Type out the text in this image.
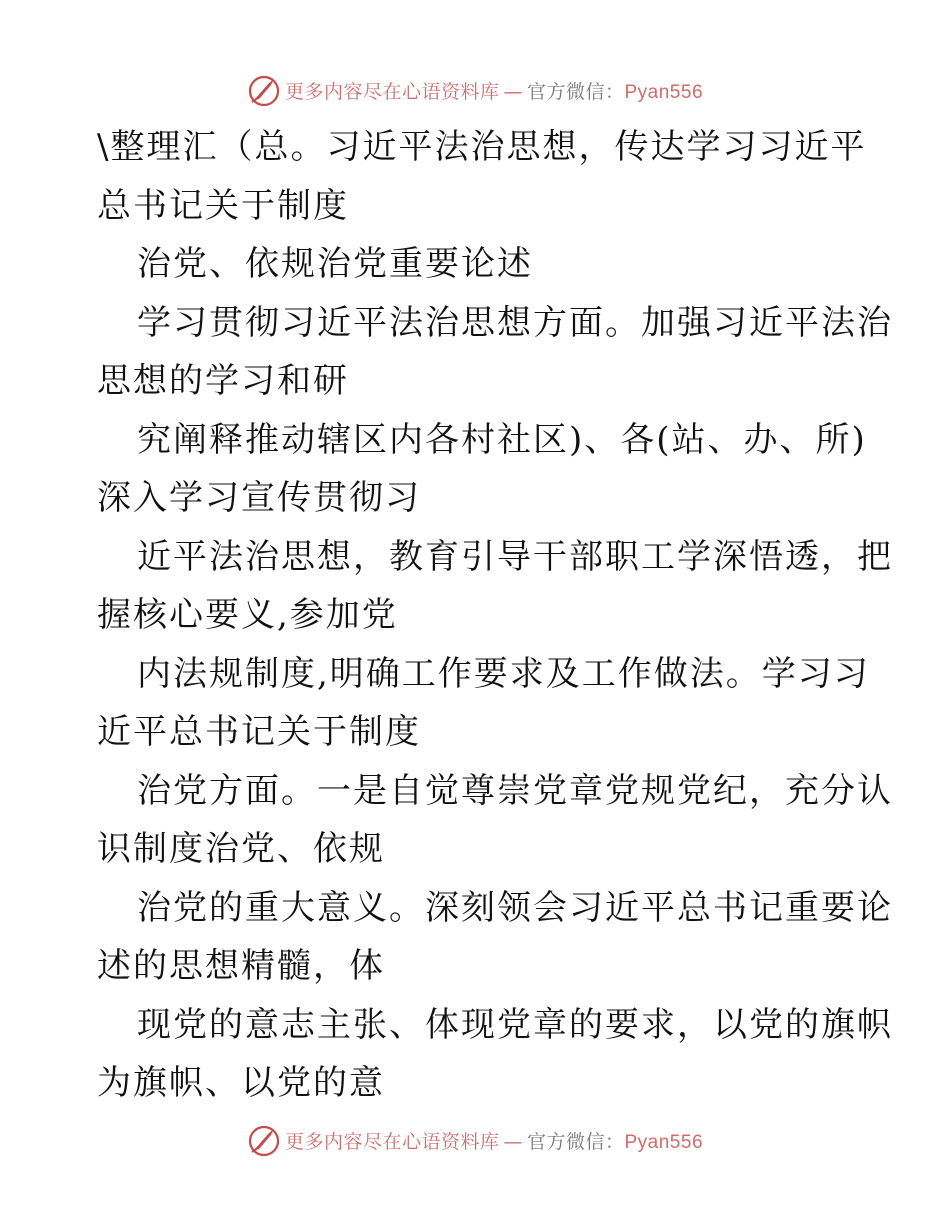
更多内容尽在心语资料库 — 官方微信：Pyan556

\整理汇（总。习近平法治思想，传达学习习近平

总书记关于制度

治党、依规治党重要论述

学习贯彻习近平法治思想方面。加强习近平法治

思想的学习和研

究阐释推动辖区内各村社区)、各(站、办、所)

深入学习宣传贯彻习

近平法治思想，教育引导干部职工学深悟透，把

握核心要义,参加党

内法规制度,明确工作要求及工作做法。学习习

近平总书记关于制度

治党方面。一是自觉尊崇党章党规党纪，充分认

识制度治党、依规

治党的重大意义。深刻领会习近平总书记重要论

述的思想精髓，体

现党的意志主张、体现党章的要求，以党的旗帜

为旗帜、以党的意

更多内容尽在心语资料库 — 官方微信：Pyan556
